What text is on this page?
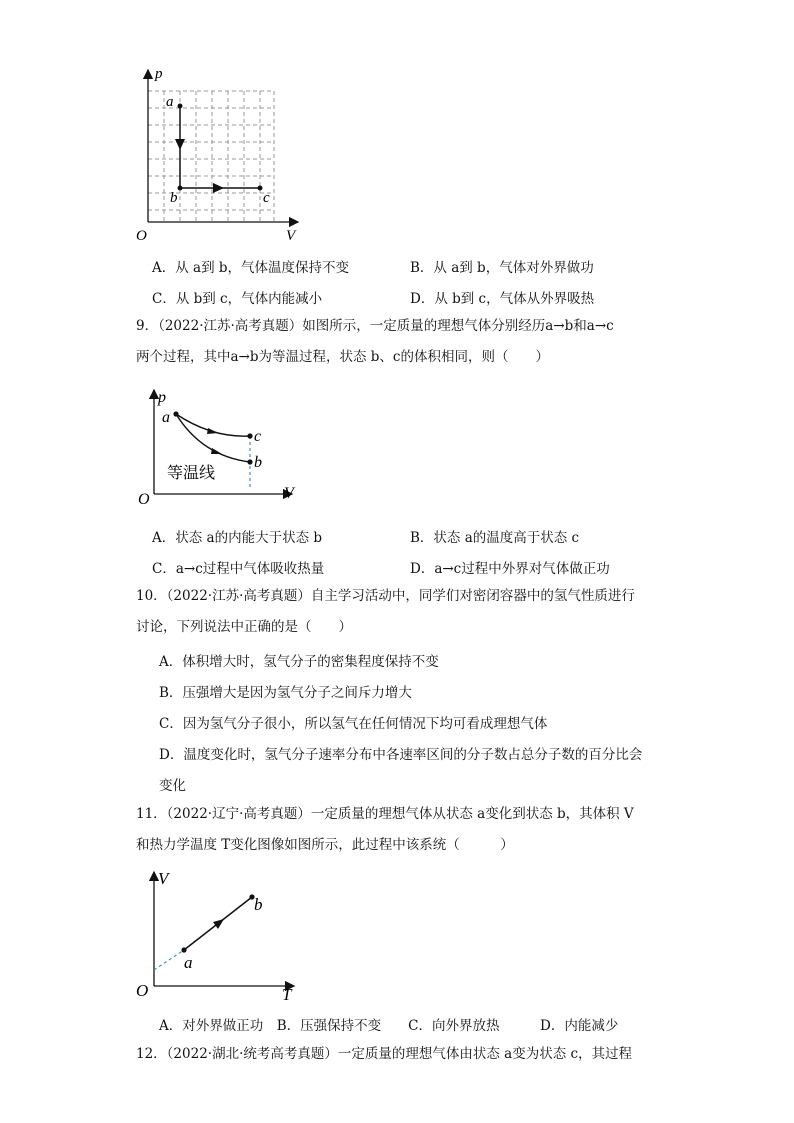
p
a
b	c
O	V
A．从 a到 b，气体温度保持不变	B．从 a到 b，气体对外界做功
C．从 b到 c，气体内能减小	D．从 b到 c，气体从外界吸热
9．（2022·江苏·高考真题）如图所示，一定质量的理想气体分别经历a→b和a→c
两个过程，其中a→b为等温过程，状态 b、c的体积相同，则（　　）
p
a
c
b
等温线
O	V
A．状态 a的内能大于状态 b	B．状态 a的温度高于状态 c
C．a→c过程中气体吸收热量	D．a→c过程中外界对气体做正功
10．（2022·江苏·高考真题）自主学习活动中，同学们对密闭容器中的氢气性质进行
讨论，下列说法中正确的是（　　）
A．体积增大时，氢气分子的密集程度保持不变
B．压强增大是因为氢气分子之间斥力增大
C．因为氢气分子很小，所以氢气在任何情况下均可看成理想气体
D．温度变化时，氢气分子速率分布中各速率区间的分子数占总分子数的百分比会
变化
11．（2022·辽宁·高考真题）一定质量的理想气体从状态 a变化到状态 b，其体积 V
和热力学温度 T变化图像如图所示，此过程中该系统（　　　）
V
a
b
O	T
A．对外界做正功　B．压强保持不变　　C．向外界放热　　　D．内能减少
12．（2022·湖北·统考高考真题）一定质量的理想气体由状态 a变为状态 c，其过程
